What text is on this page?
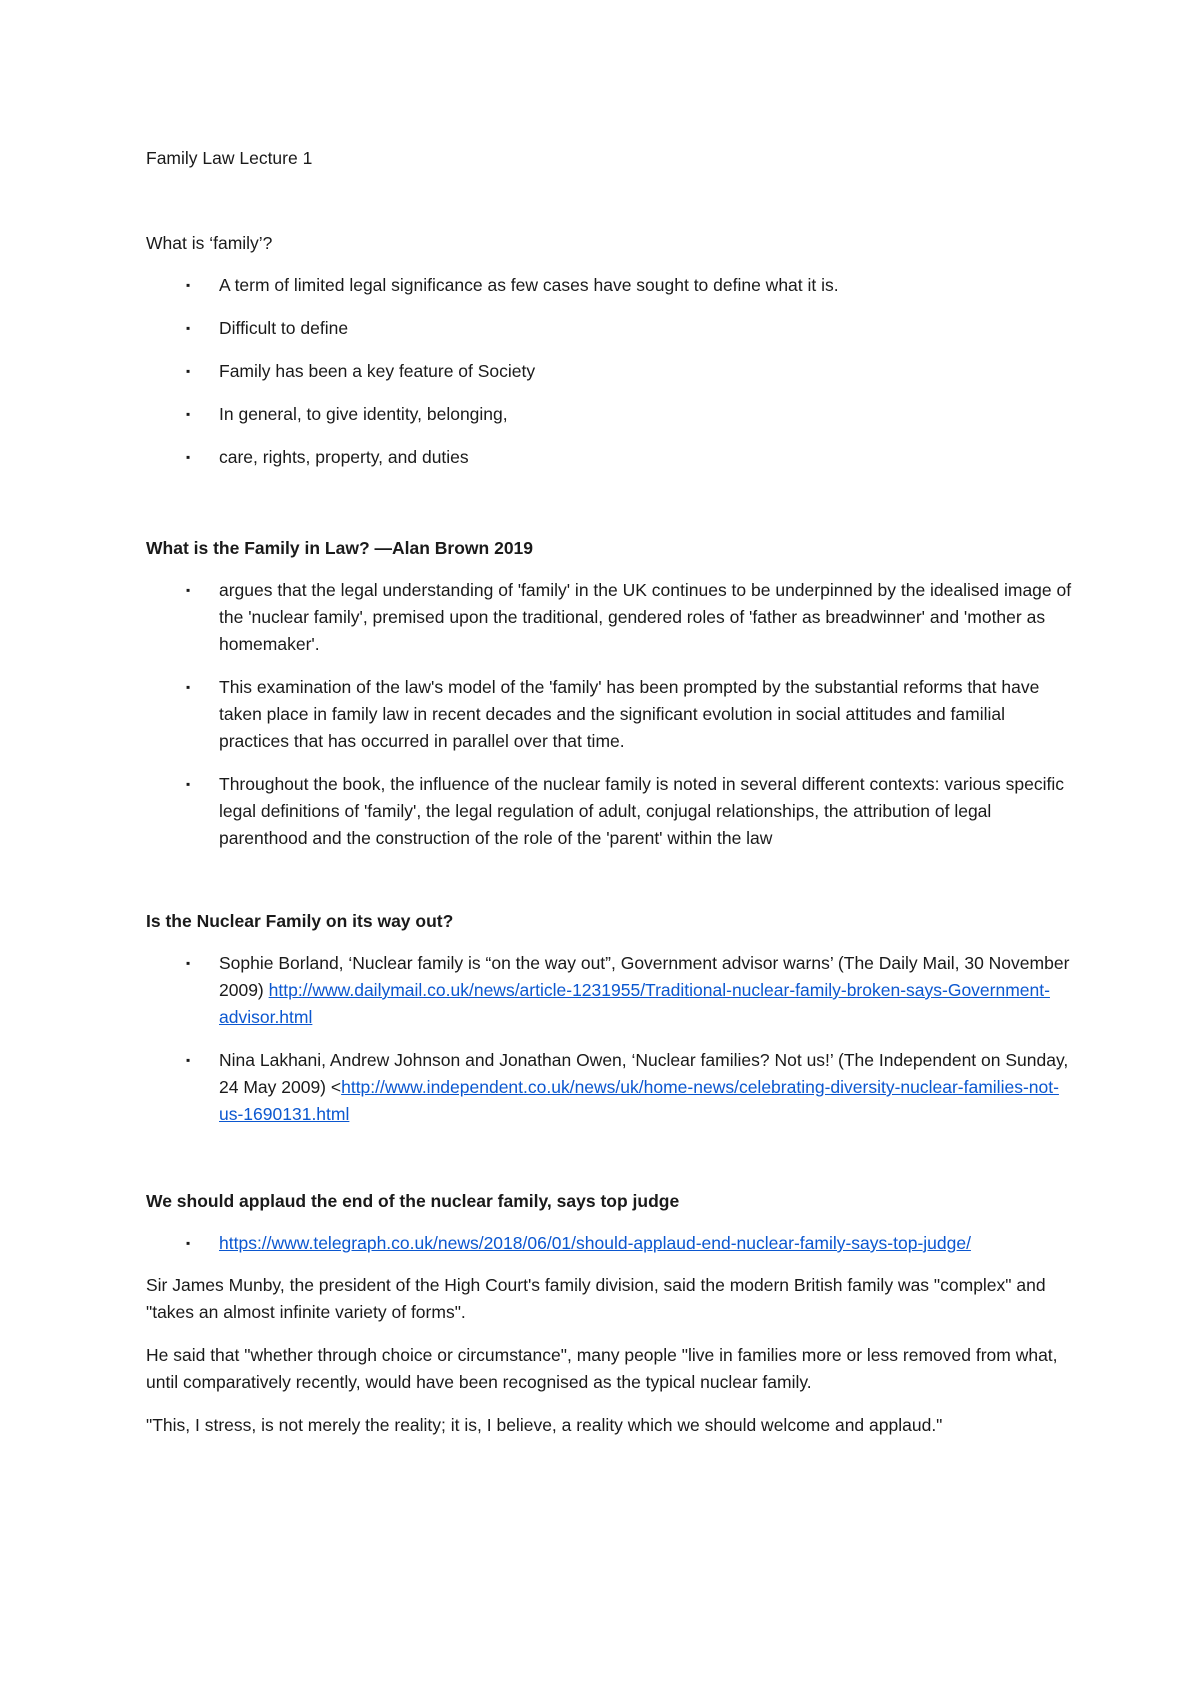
Family Law Lecture 1
What is ‘family’?
▪ A term of limited legal significance as few cases have sought to define what it is.
▪ Difficult to define
▪ Family has been a key feature of Society
▪ In general, to give identity, belonging,
▪ care, rights, property, and duties
What is the Family in Law? —Alan Brown 2019
▪ argues that the legal understanding of 'family' in the UK continues to be underpinned by the idealised image of the 'nuclear family', premised upon the traditional, gendered roles of 'father as breadwinner' and 'mother as homemaker'.
▪ This examination of the law's model of the 'family' has been prompted by the substantial reforms that have taken place in family law in recent decades and the significant evolution in social attitudes and familial practices that has occurred in parallel over that time.
▪ Throughout the book, the influence of the nuclear family is noted in several different contexts: various specific legal definitions of 'family', the legal regulation of adult, conjugal relationships, the attribution of legal parenthood and the construction of the role of the 'parent' within the law
Is the Nuclear Family on its way out?
▪ Sophie Borland, ‘Nuclear family is “on the way out”, Government advisor warns’ (The Daily Mail, 30 November 2009) http://www.dailymail.co.uk/news/article-1231955/Traditional-nuclear-family-broken-says-Government-advisor.html
▪ Nina Lakhani, Andrew Johnson and Jonathan Owen, ‘Nuclear families? Not us!’ (The Independent on Sunday, 24 May 2009) <http://www.independent.co.uk/news/uk/home-news/celebrating-diversity-nuclear-families-not-us-1690131.html
We should applaud the end of the nuclear family, says top judge
▪ https://www.telegraph.co.uk/news/2018/06/01/should-applaud-end-nuclear-family-says-top-judge/

Sir James Munby, the president of the High Court's family division, said the modern British family was "complex" and "takes an almost infinite variety of forms".

He said that "whether through choice or circumstance", many people "live in families more or less removed from what, until comparatively recently, would have been recognised as the typical nuclear family.

"This, I stress, is not merely the reality; it is, I believe, a reality which we should welcome and applaud."
